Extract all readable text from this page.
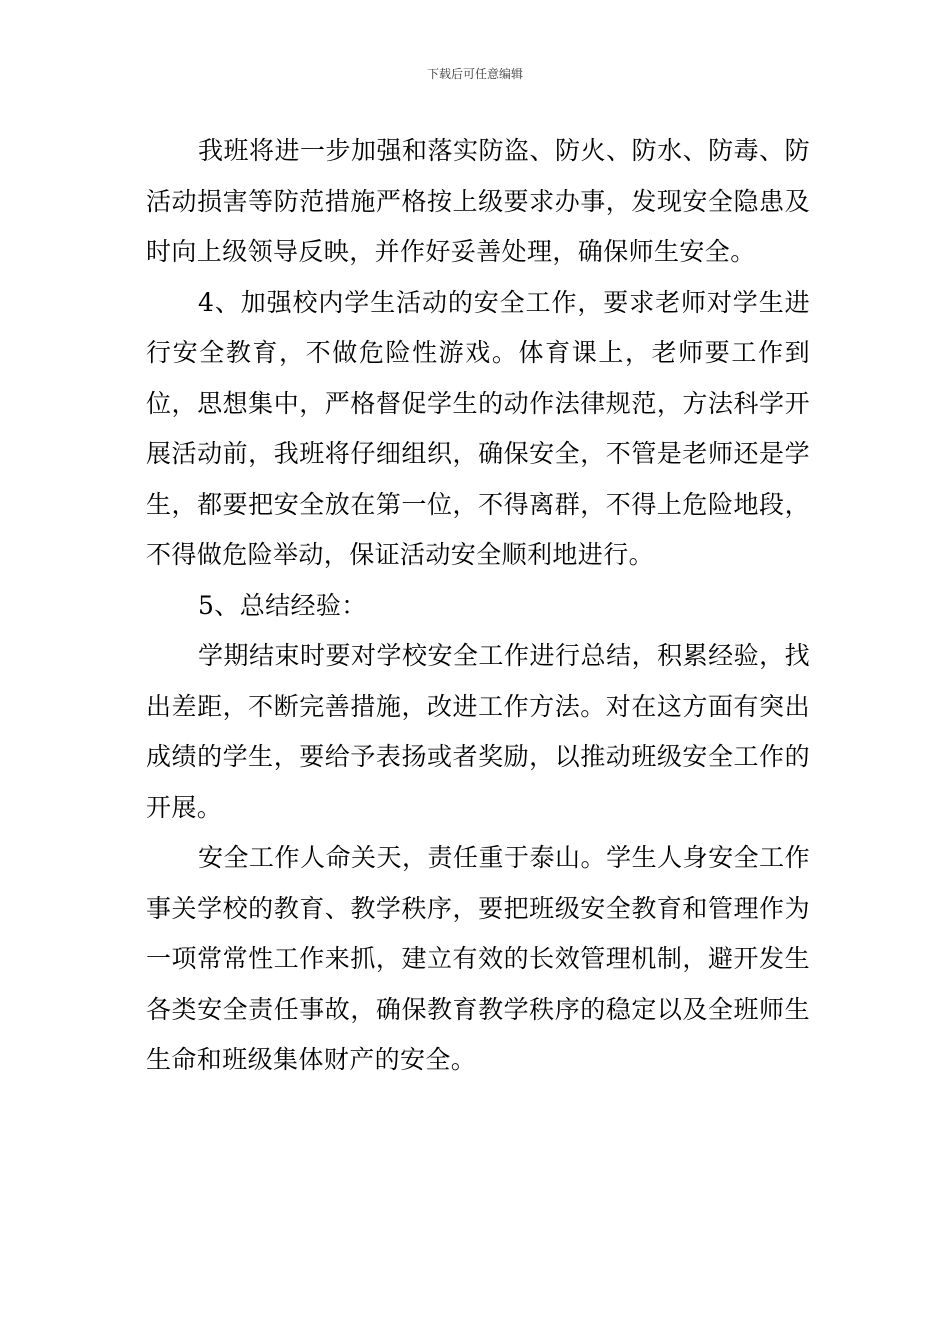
下载后可任意编辑

我班将进一步加强和落实防盗、防火、防水、防毒、防活动损害等防范措施严格按上级要求办事，发现安全隐患及时向上级领导反映，并作好妥善处理，确保师生安全。

4、加强校内学生活动的安全工作，要求老师对学生进行安全教育，不做危险性游戏。体育课上，老师要工作到位，思想集中，严格督促学生的动作法律规范，方法科学开展活动前，我班将仔细组织，确保安全，不管是老师还是学生，都要把安全放在第一位，不得离群，不得上危险地段，不得做危险举动，保证活动安全顺利地进行。

5、总结经验：

学期结束时要对学校安全工作进行总结，积累经验，找出差距，不断完善措施，改进工作方法。对在这方面有突出成绩的学生，要给予表扬或者奖励，以推动班级安全工作的开展。

安全工作人命关天，责任重于泰山。学生人身安全工作事关学校的教育、教学秩序，要把班级安全教育和管理作为一项常常性工作来抓，建立有效的长效管理机制，避开发生各类安全责任事故，确保教育教学秩序的稳定以及全班师生生命和班级集体财产的安全。
